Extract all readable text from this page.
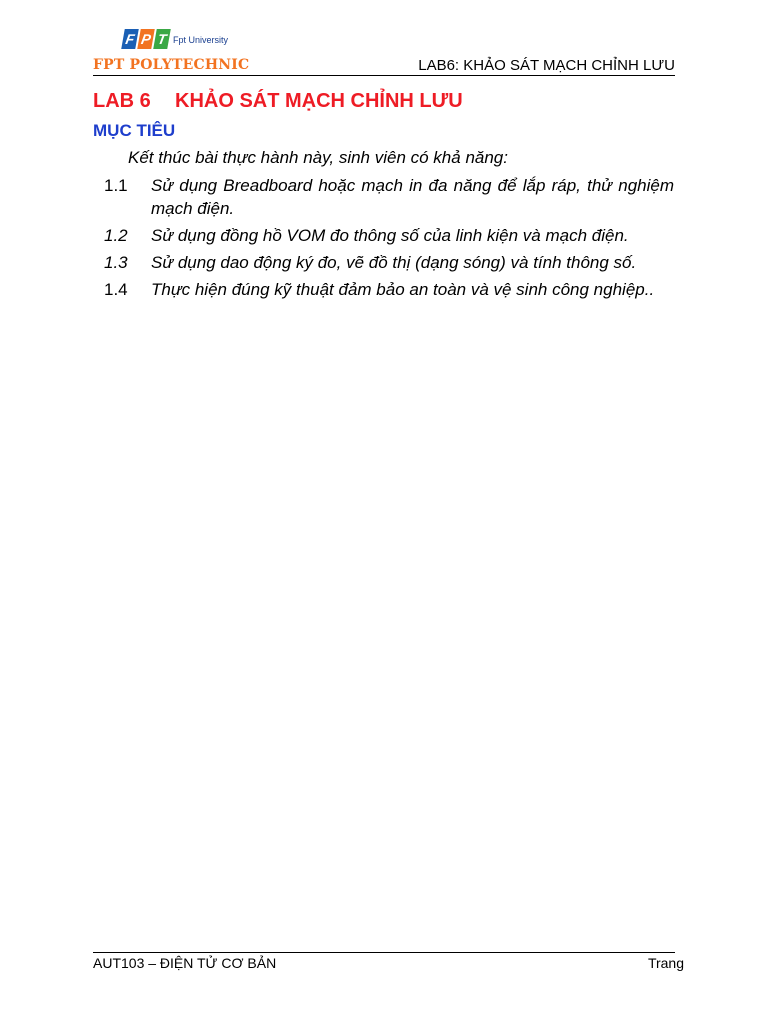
F P T Fpt University
FPT POLYTECHNIC	LAB6: KHẢO SÁT MẠCH CHỈNH LƯU
LAB 6 KHẢO SÁT MẠCH CHỈNH LƯU
MỤC TIÊU
Kết thúc bài thực hành này, sinh viên có khả năng:
1.1	Sử dụng Breadboard hoặc mạch in đa năng để lắp ráp, thử nghiệm mạch điện.
1.2	Sử dụng đồng hồ VOM đo thông số của linh kiện và mạch điện.
1.3	Sử dụng dao động ký đo, vẽ đồ thị (dạng sóng) và tính thông số.
1.4	Thực hiện đúng kỹ thuật đảm bảo an toàn và vệ sinh công nghiệp..
AUT103 – ĐIỆN TỬ CƠ BẢN	Trang
